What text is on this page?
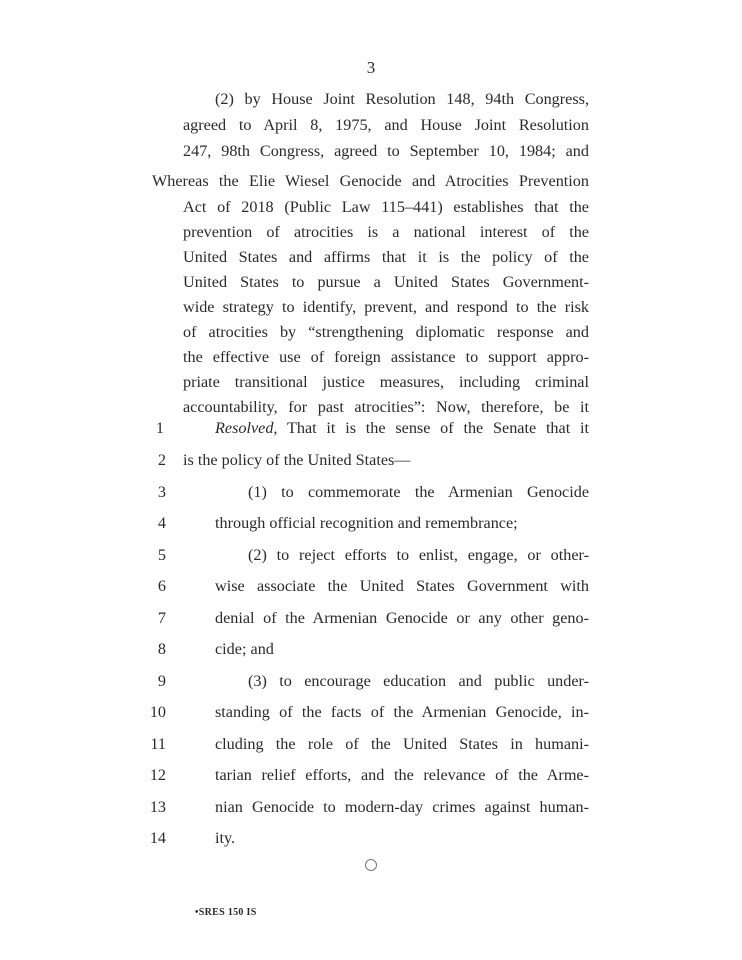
3
(2) by House Joint Resolution 148, 94th Congress,
agreed to April 8, 1975, and House Joint Resolution
247, 98th Congress, agreed to September 10, 1984; and
Whereas the Elie Wiesel Genocide and Atrocities Prevention
Act of 2018 (Public Law 115–441) establishes that the
prevention of atrocities is a national interest of the
United States and affirms that it is the policy of the
United States to pursue a United States Government-
wide strategy to identify, prevent, and respond to the risk
of atrocities by “strengthening diplomatic response and
the effective use of foreign assistance to support appro-
priate transitional justice measures, including criminal
accountability, for past atrocities”: Now, therefore, be it
1	Resolved, That it is the sense of the Senate that it
2 is the policy of the United States—
3	(1) to commemorate the Armenian Genocide
4	through official recognition and remembrance;
5	(2) to reject efforts to enlist, engage, or other-
6	wise associate the United States Government with
7	denial of the Armenian Genocide or any other geno-
8	cide; and
9	(3) to encourage education and public under-
10	standing of the facts of the Armenian Genocide, in-
11	cluding the role of the United States in humani-
12	tarian relief efforts, and the relevance of the Arme-
13	nian Genocide to modern-day crimes against human-
14	ity.
•SRES 150 IS
